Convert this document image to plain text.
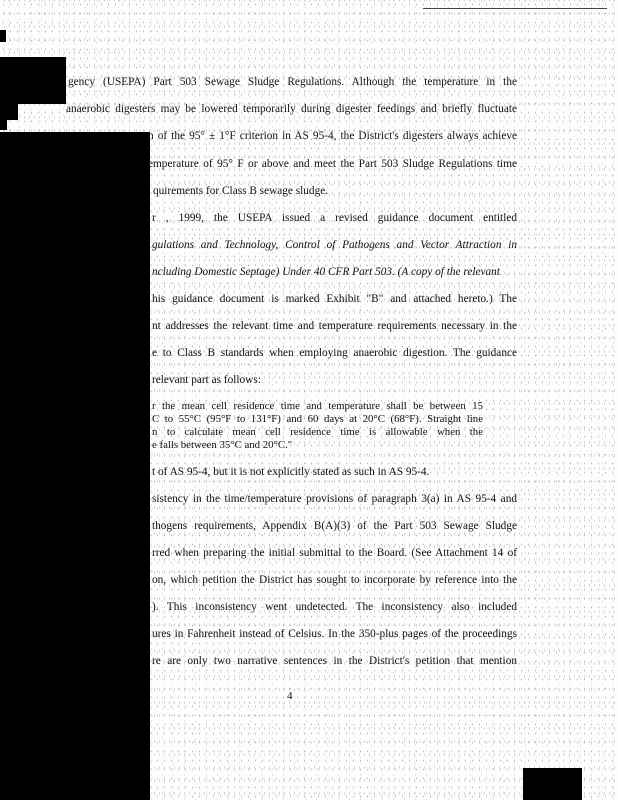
gency (USEPA) Part 503 Sewage Sludge Regulations. Although the temperature in the
anaerobic digesters may be lowered temporarily during digester feedings and briefly fluctuate
n of the 95° ± 1°F criterion in AS 95-4, the District's digesters always achieve
emperature of 95° F or above and meet the Part 503 Sludge Regulations time
quirements for Class B sewage sludge.
r , 1999, the USEPA issued a revised guidance document entitled
gulations and Technology, Control of Pathogens and Vector Attraction in
ncluding Domestic Septage) Under 40 CFR Part 503. (A copy of the relevant
his guidance document is marked Exhibit "B" and attached hereto.) The
nt addresses the relevant time and temperature requirements necessary in the
e to Class B standards when employing anaerobic digestion. The guidance
relevant part as follows:
r the mean cell residence time and temperature shall be between 15
C to 55°C (95°F to 131°F) and 60 days at 20°C (68°F). Straight line
n to calculate mean cell residence time is allowable when the
e falls between 35°C and 20°C."
t of AS 95-4, but it is not explicitly stated as such in AS 95-4.
sistency in the time/temperature provisions of paragraph 3(a) in AS 95-4 and
thogens requirements, Appendix B(A)(3) of the Part 503 Sewage Sludge
rred when preparing the initial submittal to the Board. (See Attachment 14 of
on, which petition the District has sought to incorporate by reference into the
). This inconsistency went undetected. The inconsistency also included
ures in Fahrenheit instead of Celsius. In the 350-plus pages of the proceedings
re are only two narrative sentences in the District's petition that mention
4
